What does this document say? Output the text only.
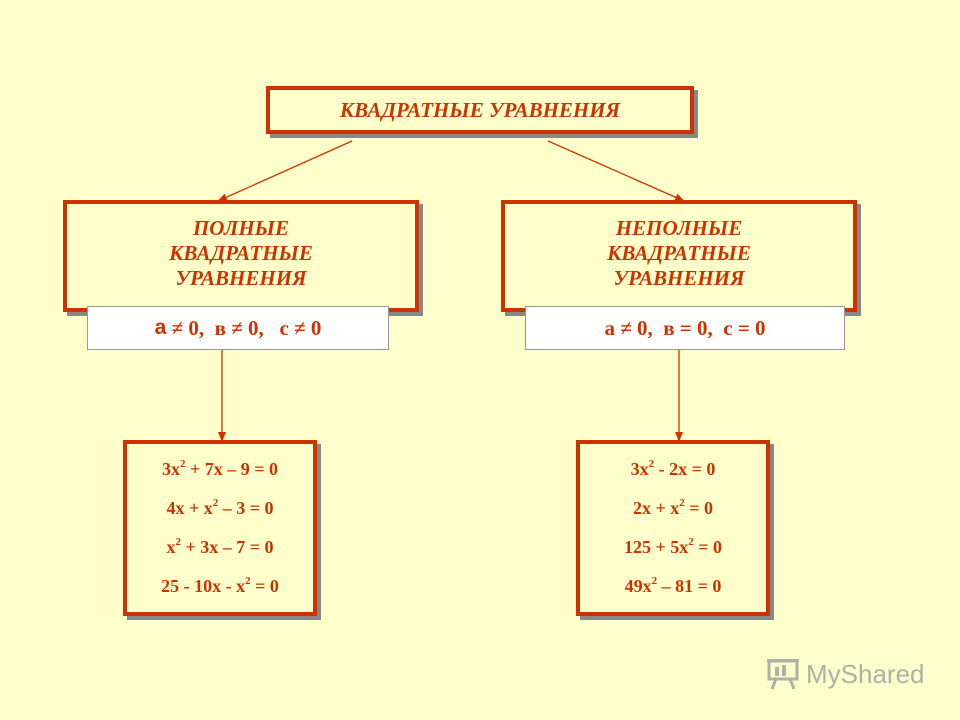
КВАДРАТНЫЕ УРАВНЕНИЯ
ПОЛНЫЕ
КВАДРАТНЫЕ
УРАВНЕНИЯ
НЕПОЛНЫЕ
КВАДРАТНЫЕ
УРАВНЕНИЯ
а ≠ 0,  в ≠ 0,   с ≠ 0	а ≠ 0,  в = 0,  с = 0
$3х^2 + 7х - 9 = 0$
$4х + х^2 - 3 = 0$
$х^2 + 3х - 7 = 0$
$25 - 10х - х^2 = 0$
$3х^2 - 2х = 0$
$2х + х^2 = 0$
$125 + 5х^2 = 0$
$49х^2 - 81 = 0$
MyShared
